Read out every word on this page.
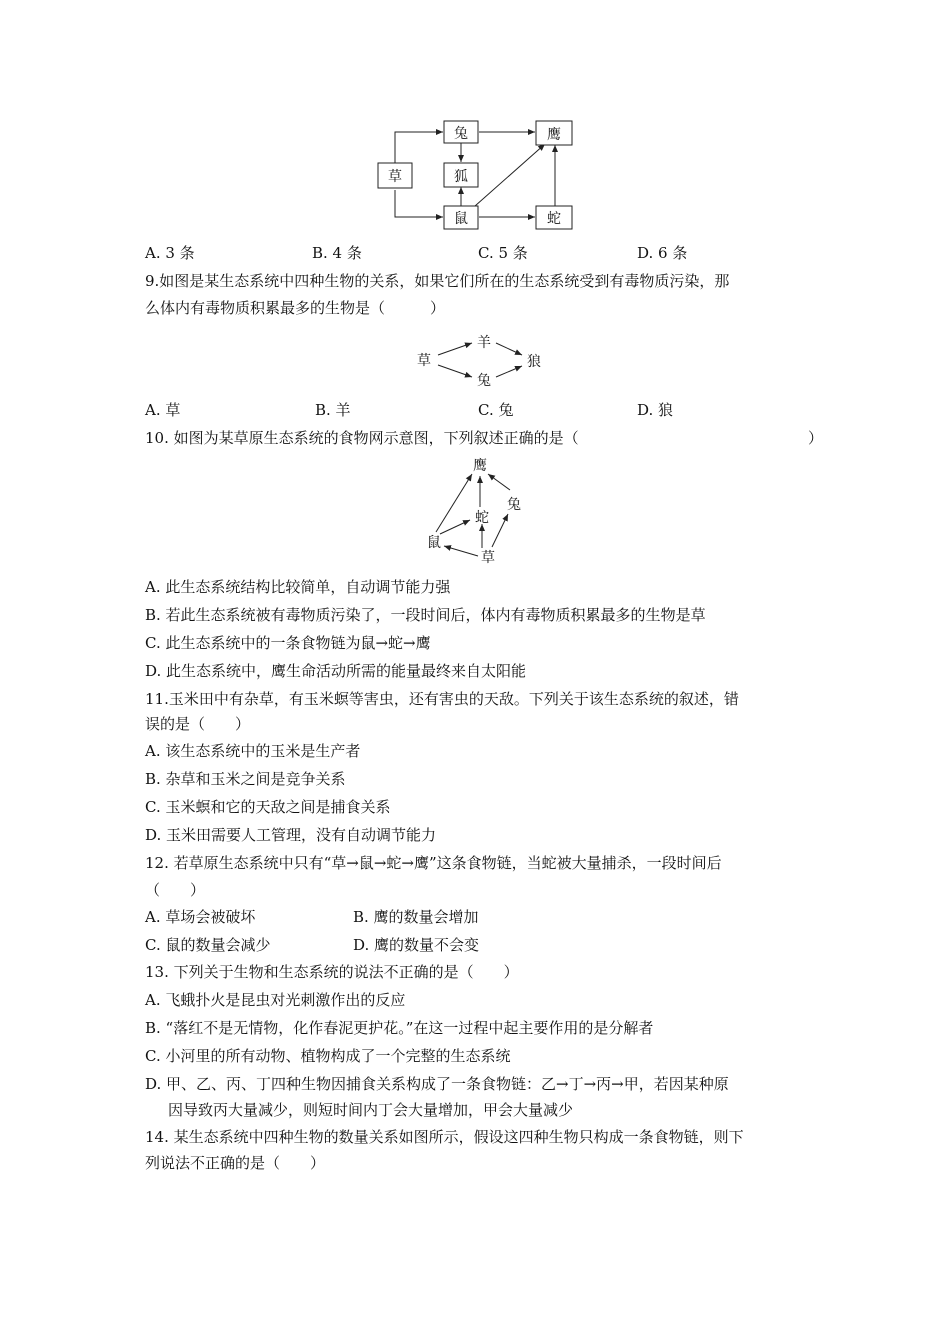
草
兔
狐
鼠
鹰
蛇
A. 3 条	B. 4 条	C. 5 条	D. 6 条
9.如图是某生态系统中四种生物的关系，如果它们所在的生态系统受到有毒物质污染，那
么体内有毒物质积累最多的生物是（　　　）
草
羊
兔
狼
A. 草	B. 羊	C. 兔	D. 狼
10. 如图为某草原生态系统的食物网示意图，下列叙述正确的是（	）
鹰
兔
蛇
鼠
草
A. 此生态系统结构比较简单，自动调节能力强
B. 若此生态系统被有毒物质污染了，一段时间后，体内有毒物质积累最多的生物是草
C. 此生态系统中的一条食物链为鼠→蛇→鹰
D. 此生态系统中，鹰生命活动所需的能量最终来自太阳能
11.玉米田中有杂草，有玉米螟等害虫，还有害虫的天敌。下列关于该生态系统的叙述，错
误的是（　　）
A. 该生态系统中的玉米是生产者
B. 杂草和玉米之间是竞争关系
C. 玉米螟和它的天敌之间是捕食关系
D. 玉米田需要人工管理，没有自动调节能力
12. 若草原生态系统中只有“草→鼠→蛇→鹰”这条食物链，当蛇被大量捕杀，一段时间后
（　　）
A. 草场会被破坏	B. 鹰的数量会增加
C. 鼠的数量会减少	D. 鹰的数量不会变
13. 下列关于生物和生态系统的说法不正确的是（　　）
A. 飞蛾扑火是昆虫对光刺激作出的反应
B. “落红不是无情物，化作春泥更护花。”在这一过程中起主要作用的是分解者
C. 小河里的所有动物、植物构成了一个完整的生态系统
D. 甲、乙、丙、丁四种生物因捕食关系构成了一条食物链：乙→丁→丙→甲，若因某种原
因导致丙大量减少，则短时间内丁会大量增加，甲会大量减少
14. 某生态系统中四种生物的数量关系如图所示，假设这四种生物只构成一条食物链，则下
列说法不正确的是（　　）
